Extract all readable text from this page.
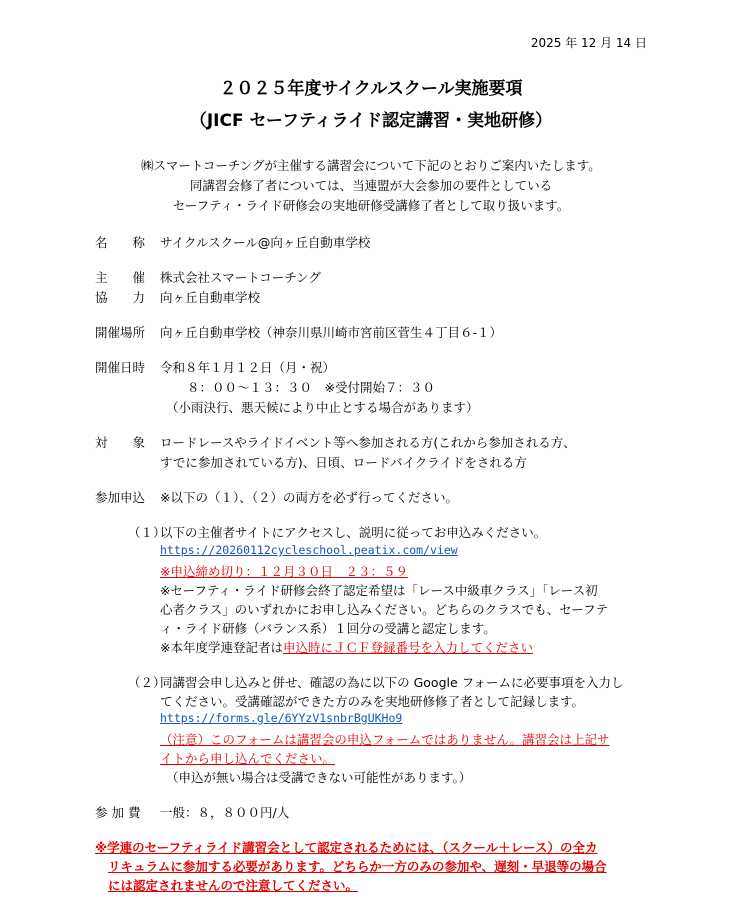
2025 年 12 月 14 日
２０２５年度サイクルスクール実施要項
（JICF セーフティライド認定講習・実地研修）
㈱スマートコーチングが主催する講習会について下記のとおりご案内いたします。
同講習会修了者については、当連盟が大会参加の要件としている
セーフティ・ライド研修会の実地研修受講修了者として取り扱います。
名　　称 サイクルスクール@向ヶ丘自動車学校
主　　催 株式会社スマートコーチング
協　　力 向ヶ丘自動車学校
開催場所 向ヶ丘自動車学校（神奈川県川崎市宮前区菅生４丁目６-１）
開催日時 令和８年１月１２日（月・祝）
８：００～１３：３０　※受付開始７：３０
（小雨決行、悪天候により中止とする場合があります）
対　　象 ロードレースやライドイベント等へ参加される方(これから参加される方、
すでに参加されている方)、日頃、ロードバイクライドをされる方
参加申込 ※以下の（１）、（２）の両方を必ず行ってください。
（１）
以下の主催者サイトにアクセスし、説明に従ってお申込みください。
https://20260112cycleschool.peatix.com/view
※申込締め切り：１２月３０日　２３：５９
※セーフティ・ライド研修会終了認定希望は「レース中級車クラス」「レース初
心者クラス」のいずれかにお申し込みください。どちらのクラスでも、セーフテ
ィ・ライド研修（バランス系）１回分の受講と認定します。
※本年度学連登記者は申込時にＪＣＦ登録番号を入力してください
（２）
同講習会申し込みと併せ、確認の為に以下の Google フォームに必要事項を入力し
てください。受講確認ができた方のみを実地研修修了者として記録します。
https://forms.gle/6YYzV1snbrBgUKHo9
（注意）このフォームは講習会の申込フォームではありません。講習会は上記サ
イトから申し込んでください。
（申込が無い場合は受講できない可能性があります。）
参 加 費 一般：８，８００円/人
※学連のセーフティライド講習会として認定されるためには、（スクール＋レース）の全カ
リキュラムに参加する必要があります。どちらか一方のみの参加や、遅刻・早退等の場合
には認定されませんので注意してください。
